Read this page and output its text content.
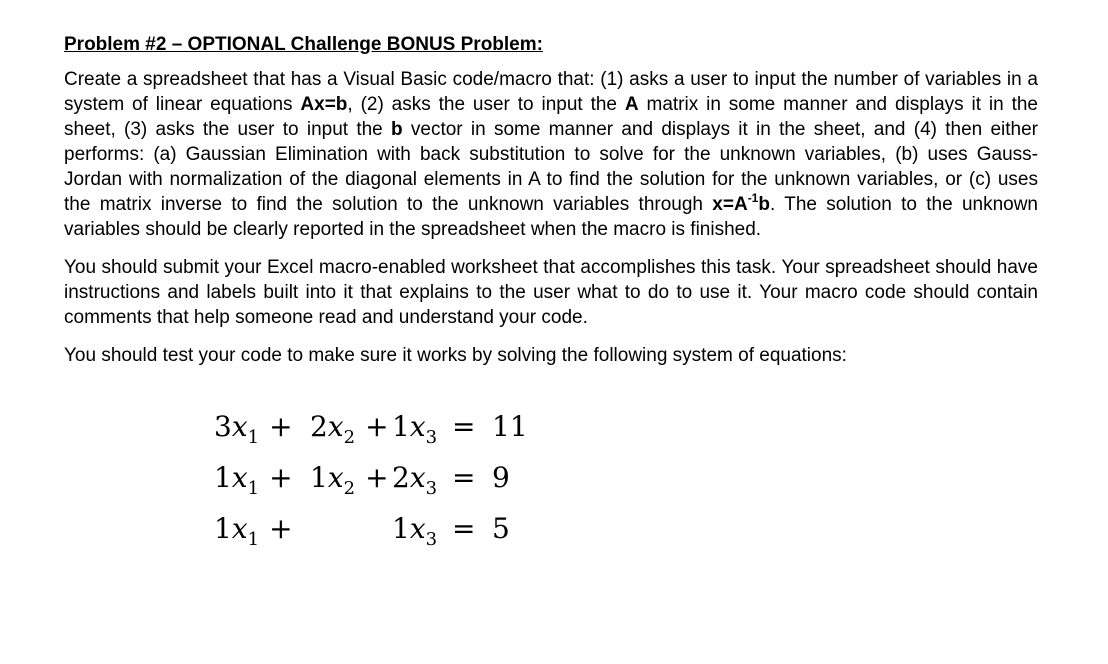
Problem #2 – OPTIONAL Challenge BONUS Problem:

Create a spreadsheet that has a Visual Basic code/macro that: (1) asks a user to input the number of variables in a system of linear equations Ax=b, (2) asks the user to input the A matrix in some manner and displays it in the sheet, (3) asks the user to input the b vector in some manner and displays it in the sheet, and (4) then either performs: (a) Gaussian Elimination with back substitution to solve for the unknown variables, (b) uses Gauss-Jordan with normalization of the diagonal elements in A to find the solution for the unknown variables, or (c) uses the matrix inverse to find the solution to the unknown variables through $x=A^{-1}b$. The solution to the unknown variables should be clearly reported in the spreadsheet when the macro is finished.

You should submit your Excel macro-enabled worksheet that accomplishes this task. Your spreadsheet should have instructions and labels built into it that explains to the user what to do to use it. Your macro code should contain comments that help someone read and understand your code.

You should test your code to make sure it works by solving the following system of equations:

$3x_1 + 2x_2 + 1x_3 = 11$
$1x_1 + 1x_2 + 2x_3 = 9$
$1x_1$ +	$1x_3 = 5$
